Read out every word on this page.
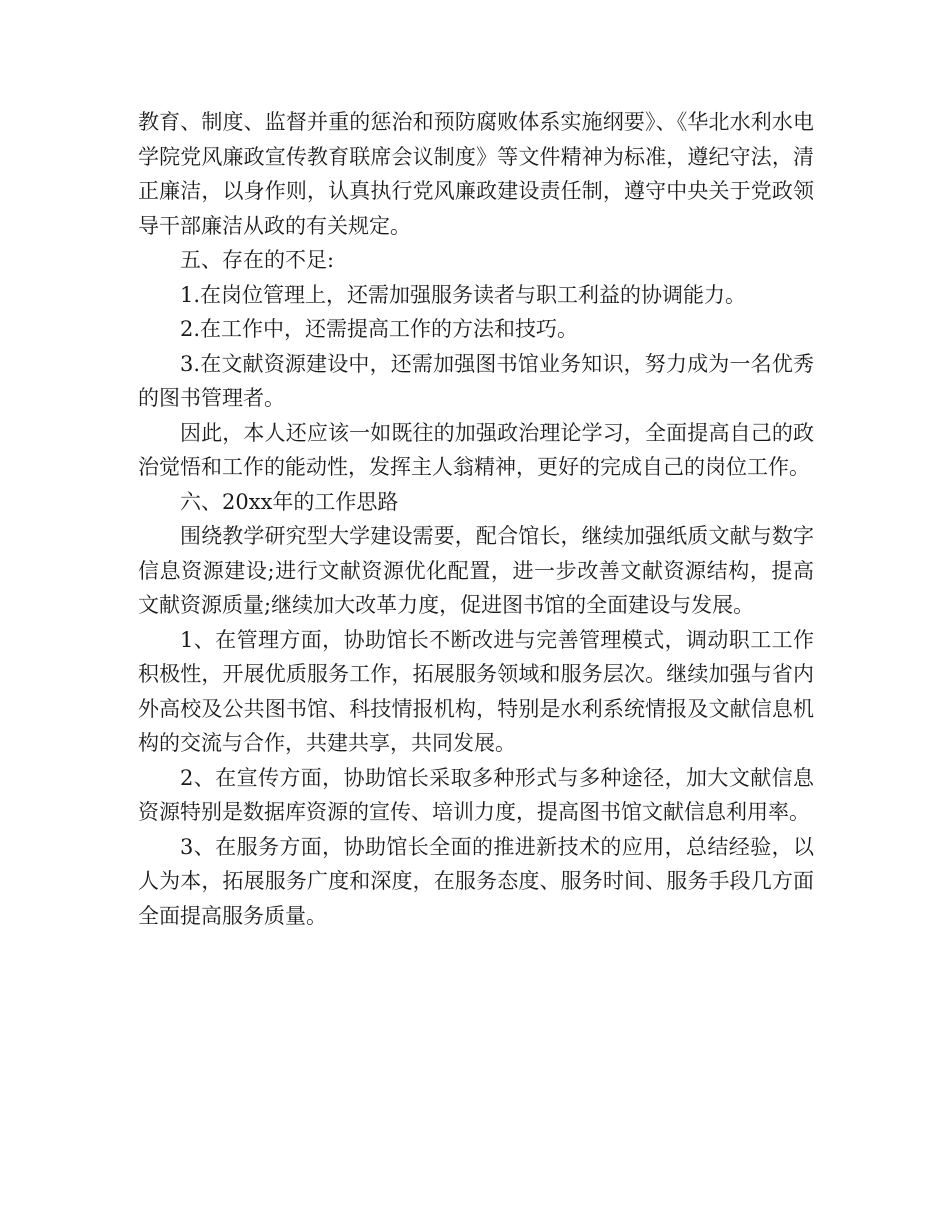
教育、制度、监督并重的惩治和预防腐败体系实施纲要》、《华北水利水电学院党风廉政宣传教育联席会议制度》等文件精神为标准，遵纪守法，清正廉洁，以身作则，认真执行党风廉政建设责任制，遵守中央关于党政领导干部廉洁从政的有关规定。

五、存在的不足:

1.在岗位管理上，还需加强服务读者与职工利益的协调能力。

2.在工作中，还需提高工作的方法和技巧。

3.在文献资源建设中，还需加强图书馆业务知识，努力成为一名优秀的图书管理者。

因此，本人还应该一如既往的加强政治理论学习，全面提高自己的政治觉悟和工作的能动性，发挥主人翁精神，更好的完成自己的岗位工作。

六、20xx年的工作思路

围绕教学研究型大学建设需要，配合馆长，继续加强纸质文献与数字信息资源建设;进行文献资源优化配置，进一步改善文献资源结构，提高文献资源质量;继续加大改革力度，促进图书馆的全面建设与发展。

1、在管理方面，协助馆长不断改进与完善管理模式，调动职工工作积极性，开展优质服务工作，拓展服务领域和服务层次。继续加强与省内外高校及公共图书馆、科技情报机构，特别是水利系统情报及文献信息机构的交流与合作，共建共享，共同发展。

2、在宣传方面，协助馆长采取多种形式与多种途径，加大文献信息资源特别是数据库资源的宣传、培训力度，提高图书馆文献信息利用率。

3、在服务方面，协助馆长全面的推进新技术的应用，总结经验，以人为本，拓展服务广度和深度，在服务态度、服务时间、服务手段几方面全面提高服务质量。
